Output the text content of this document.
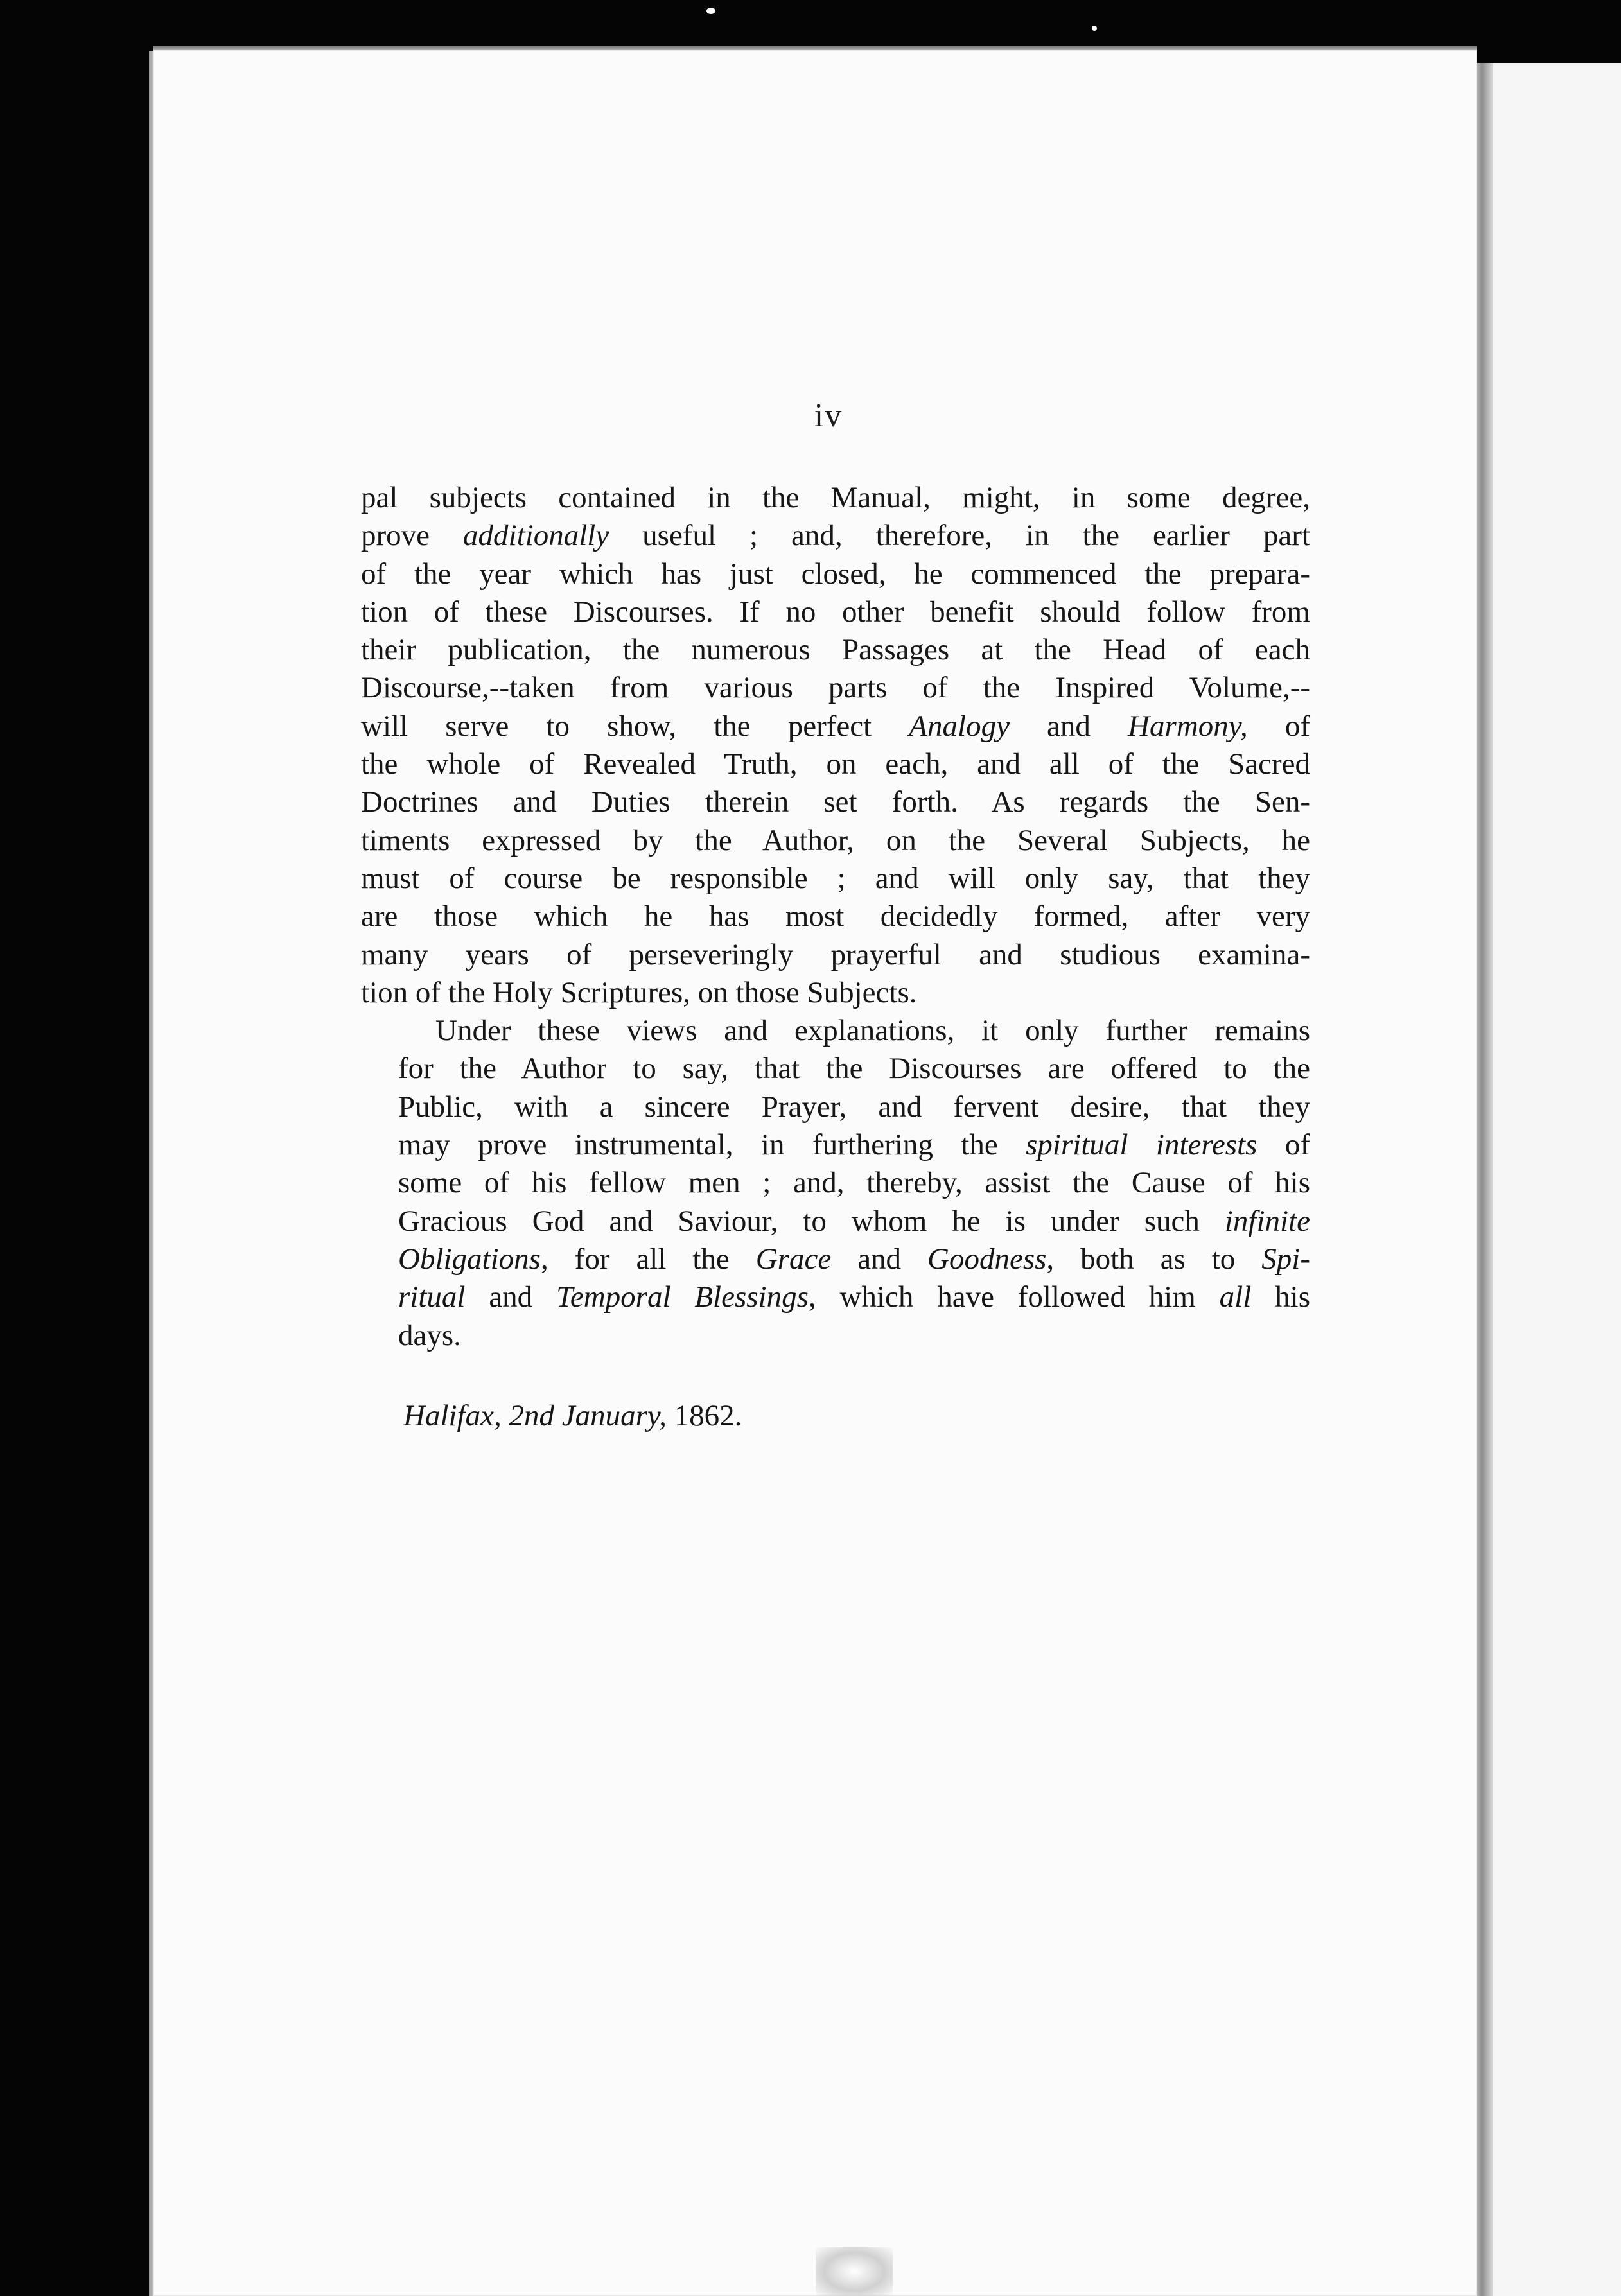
iv

pal subjects contained in the Manual, might, in some degree,
prove additionally useful ; and, therefore, in the earlier part
of the year which has just closed, he commenced the prepara-
tion of these Discourses. If no other benefit should follow from
their publication, the numerous Passages at the Head of each
Discourse,--taken from various parts of the Inspired Volume,--
will serve to show, the perfect Analogy and Harmony, of
the whole of Revealed Truth, on each, and all of the Sacred
Doctrines and Duties therein set forth. As regards the Sen-
timents expressed by the Author, on the Several Subjects, he
must of course be responsible ; and will only say, that they
are those which he has most decidedly formed, after very
many years of perseveringly prayerful and studious examina-
tion of the Holy Scriptures, on those Subjects.

Under these views and explanations, it only further remains
for the Author to say, that the Discourses are offered to the
Public, with a sincere Prayer, and fervent desire, that they
may prove instrumental, in furthering the spiritual interests of
some of his fellow men ; and, thereby, assist the Cause of his
Gracious God and Saviour, to whom he is under such infinite
Obligations, for all the Grace and Goodness, both as to Spi-
ritual and Temporal Blessings, which have followed him all his
days.

Halifax, 2nd January, 1862.
